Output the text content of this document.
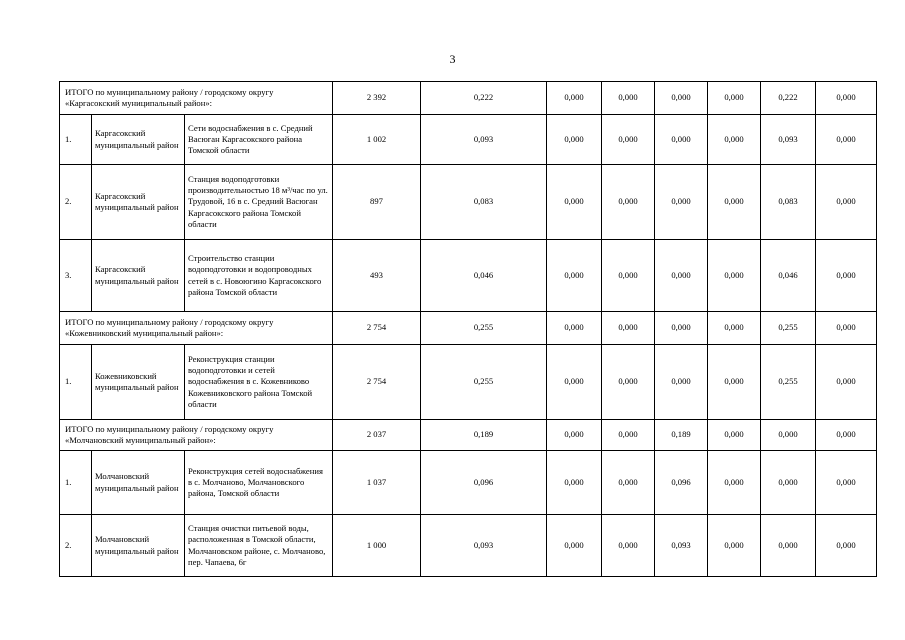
3
ИТОГО по муниципальному району / городскому округу «Каргасокский муниципальный район»:			2 392	0,222	0,000	0,000	0,000	0,000	0,222	0,000
1.	Каргасокский муниципальный район	Сети водоснабжения в с. Средний Васюган Каргасокского района Томской области	1 002	0,093	0,000	0,000	0,000	0,000	0,093	0,000
2.	Каргасокский муниципальный район	Станция водоподготовки производительностью 18 м³/час по ул. Трудовой, 16 в с. Средний Васюган Каргасокского района Томской области	897	0,083	0,000	0,000	0,000	0,000	0,083	0,000
3.	Каргасокский муниципальный район	Строительство станции водоподготовки и водопроводных сетей в с. Новоюгино Каргасокского района Томской области	493	0,046	0,000	0,000	0,000	0,000	0,046	0,000
ИТОГО по муниципальному району / городскому округу «Кожевниковский муниципальный район»:			2 754	0,255	0,000	0,000	0,000	0,000	0,255	0,000
1.	Кожевниковский муниципальный район	Реконструкция станции водоподготовки и сетей водоснабжения в с. Кожевниково Кожевниковского района Томской области	2 754	0,255	0,000	0,000	0,000	0,000	0,255	0,000
ИТОГО по муниципальному району / городскому округу «Молчановский муниципальный район»:			2 037	0,189	0,000	0,000	0,189	0,000	0,000	0,000
1.	Молчановский муниципальный район	Реконструкция сетей водоснабжения в с. Молчаново, Молчановского района, Томской области	1 037	0,096	0,000	0,000	0,096	0,000	0,000	0,000
2.	Молчановский муниципальный район	Станция очистки питьевой воды, расположенная в Томской области, Молчановском районе, с. Молчаново, пер. Чапаева, 6г	1 000	0,093	0,000	0,000	0,093	0,000	0,000	0,000
